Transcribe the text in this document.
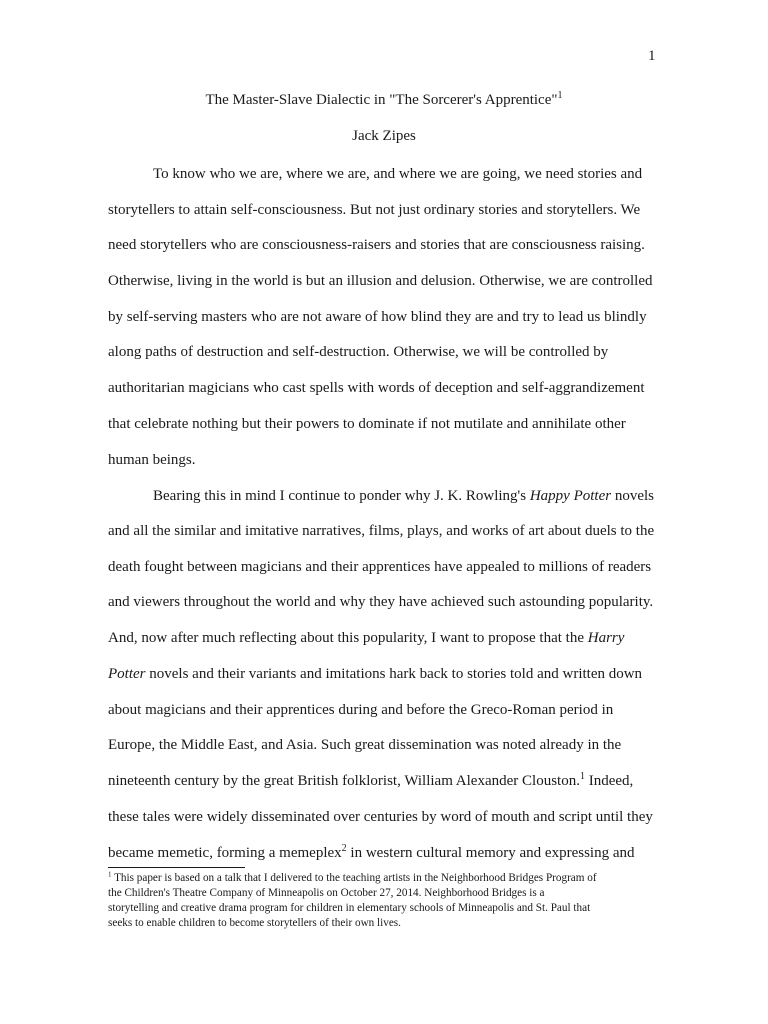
1
The Master-Slave Dialectic in "The Sorcerer's Apprentice"$^1$
Jack Zipes
To know who we are, where we are, and where we are going, we need stories and
storytellers to attain self-consciousness. But not just ordinary stories and storytellers. We
need storytellers who are consciousness-raisers and stories that are consciousness raising.
Otherwise, living in the world is but an illusion and delusion. Otherwise, we are controlled
by self-serving masters who are not aware of how blind they are and try to lead us blindly
along paths of destruction and self-destruction. Otherwise, we will be controlled by
authoritarian magicians who cast spells with words of deception and self-aggrandizement
that celebrate nothing but their powers to dominate if not mutilate and annihilate other
human beings.
Bearing this in mind I continue to ponder why J. K. Rowling's Happy Potter novels
and all the similar and imitative narratives, films, plays, and works of art about duels to the
death fought between magicians and their apprentices have appealed to millions of readers
and viewers throughout the world and why they have achieved such astounding popularity.
And, now after much reflecting about this popularity, I want to propose that the Harry
Potter novels and their variants and imitations hark back to stories told and written down
about magicians and their apprentices during and before the Greco-Roman period in
Europe, the Middle East, and Asia. Such great dissemination was noted already in the
nineteenth century by the great British folklorist, William Alexander Clouston.$^1$ Indeed,
these tales were widely disseminated over centuries by word of mouth and script until they
became memetic, forming a memeplex$^2$ in western cultural memory and expressing and
$^1$ This paper is based on a talk that I delivered to the teaching artists in the Neighborhood Bridges Program of
the Children's Theatre Company of Minneapolis on October 27, 2014. Neighborhood Bridges is a
storytelling and creative drama program for children in elementary schools of Minneapolis and St. Paul that
seeks to enable children to become storytellers of their own lives.
